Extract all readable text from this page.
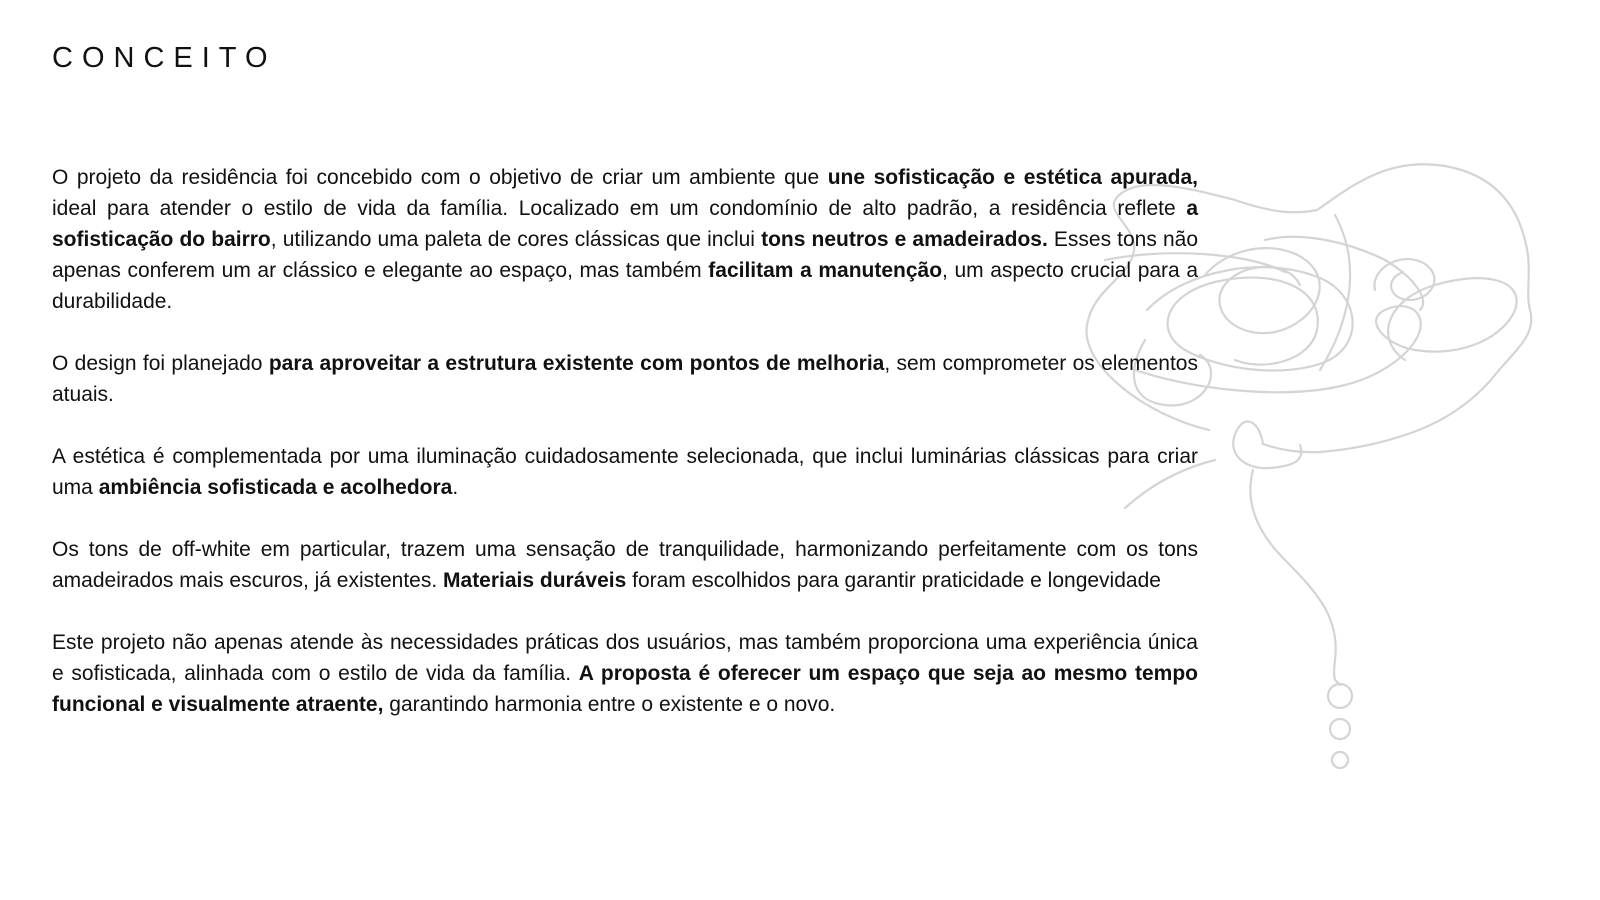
CONCEITO

O projeto da residência foi concebido com o objetivo de criar um ambiente que une sofisticação e estética apurada, ideal para atender o estilo de vida da família. Localizado em um condomínio de alto padrão, a residência reflete a sofisticação do bairro, utilizando uma paleta de cores clássicas que inclui tons neutros e amadeirados. Esses tons não apenas conferem um ar clássico e elegante ao espaço, mas também facilitam a manutenção, um aspecto crucial para a durabilidade.

O design foi planejado para aproveitar a estrutura existente com pontos de melhoria, sem comprometer os elementos atuais.

A estética é complementada por uma iluminação cuidadosamente selecionada, que inclui luminárias clássicas para criar uma ambiência sofisticada e acolhedora.

Os tons de off-white em particular, trazem uma sensação de tranquilidade, harmonizando perfeitamente com os tons amadeirados mais escuros, já existentes. Materiais duráveis foram escolhidos para garantir praticidade e longevidade

Este projeto não apenas atende às necessidades práticas dos usuários, mas também proporciona uma experiência única e sofisticada, alinhada com o estilo de vida da família. A proposta é oferecer um espaço que seja ao mesmo tempo funcional e visualmente atraente, garantindo harmonia entre o existente e o novo.
